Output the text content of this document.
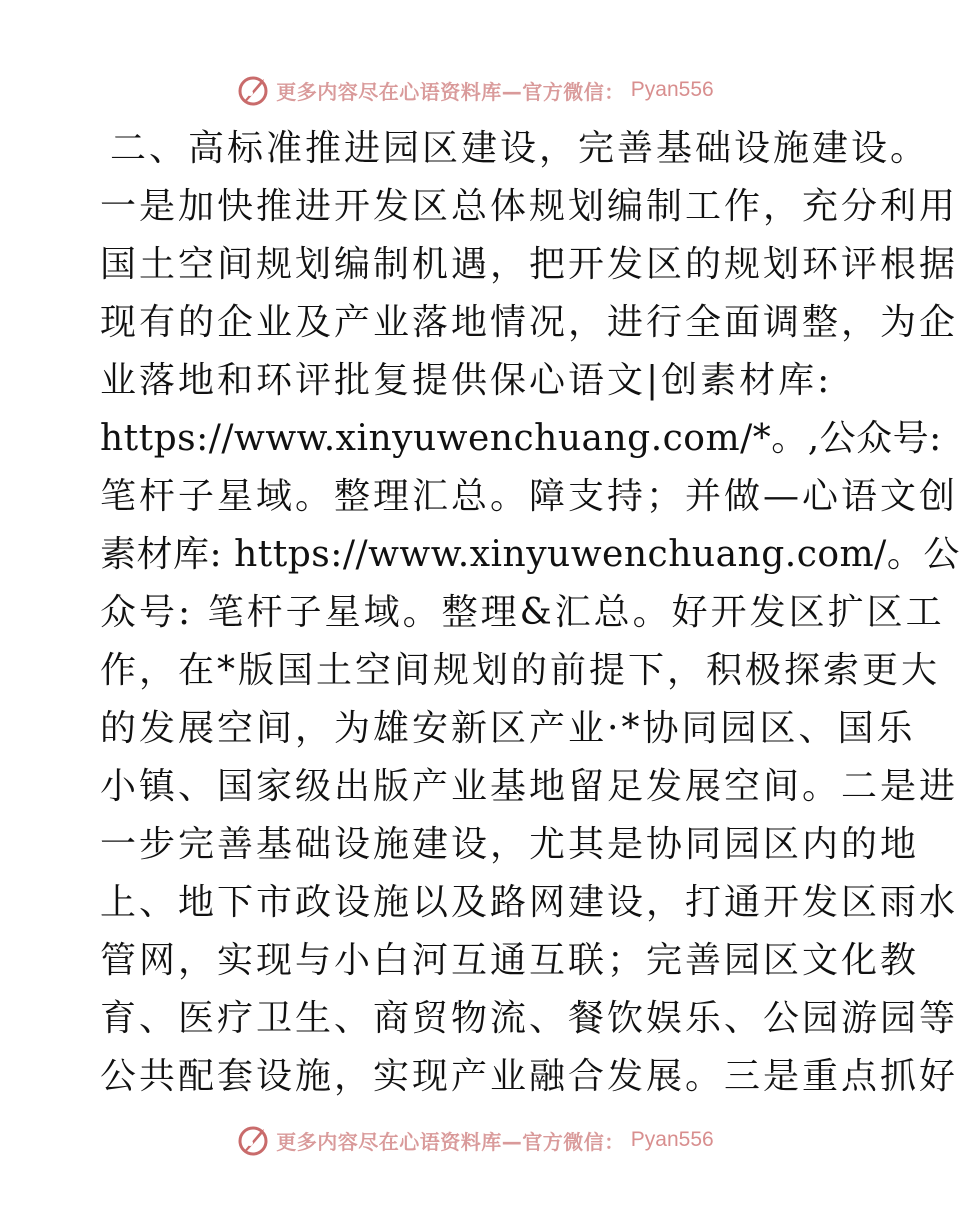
更多内容尽在心语资料库—官方微信： Pyan556
二、高标准推进园区建设，完善基础设施建设。
一是加快推进开发区总体规划编制工作，充分利用
国土空间规划编制机遇，把开发区的规划环评根据
现有的企业及产业落地情况，进行全面调整，为企
业落地和环评批复提供保心语文|创素材库:
https://www.xinyuwenchuang.com/*。,公众号:
笔杆子星域。整理汇总。障支持；并做—心语文创
素材库: https://www.xinyuwenchuang.com/。公
众号: 笔杆子星域。整理&汇总。好开发区扩区工
作，在*版国土空间规划的前提下，积极探索更大
的发展空间，为雄安新区产业·*协同园区、国乐
小镇、国家级出版产业基地留足发展空间。二是进
一步完善基础设施建设，尤其是协同园区内的地
上、地下市政设施以及路网建设，打通开发区雨水
管网，实现与小白河互通互联；完善园区文化教
育、医疗卫生、商贸物流、餐饮娱乐、公园游园等
公共配套设施，实现产业融合发展。三是重点抓好
更多内容尽在心语资料库—官方微信： Pyan556
